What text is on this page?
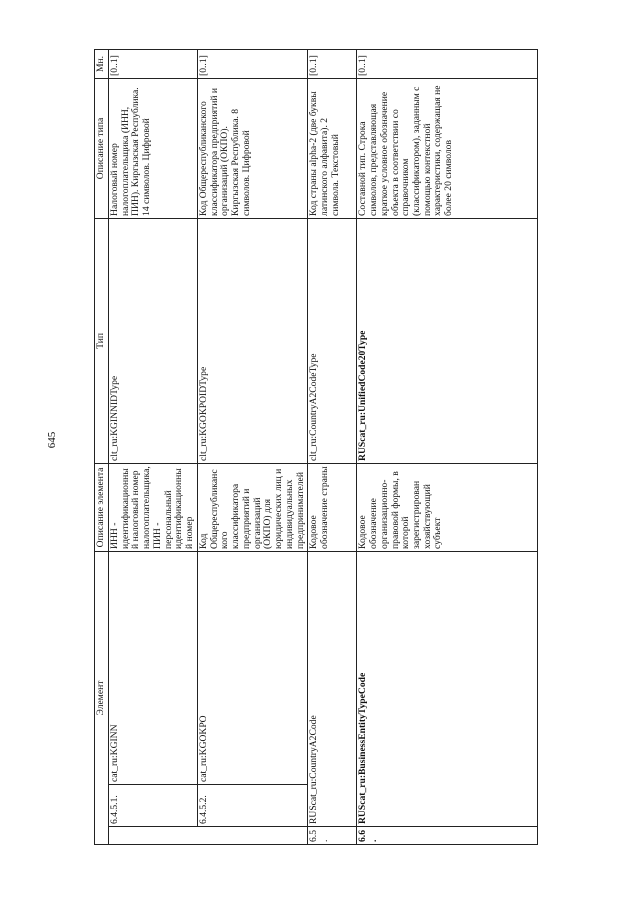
645
Элемент			Описание элемента	Тип	Описание типа	Мн.
	6.4.5.1.	cat_ru:KGINN	ИНН - идентификационный налоговый номер налогоплательщика, ПИН - персональный идентификационный номер	clt_ru:KGINNIDType	Налоговый номер налогоплательщика (ИНН, ПИН). Киргызская Республика. 14 символов. Цифровой	[0..1]
	6.4.5.2.	cat_ru:KGOKPO	Код Общереспубликанского классификатора предприятий и организаций (ОКПО) для юридических лиц и индивидуальных предпринимателей	clt_ru:KGOKPOIDType	Код Общереспубликанского классификатора предприятий и организаций (ОКПО). Киргызская Республика. 8 символов. Цифровой	[0..1]
6.5.	RUScat_ru:CountryA2Code		Кодовое обозначение страны	clt_ru:CountryA2CodeType	Код страны alpha-2 (две буквы латинского алфавита). 2 символа. Текстовый	[0..1]
6.6.	RUScat_ru:BusinessEntityTypeCode		Кодовое обозначение организационно-правовой формы, в которой зарегистрирован хозяйствующий субъект	RUScat_ru:UnifiedCode20Type	Составной тип. Строка символов, представляющая краткое условное обозначение объекта в соответствии со справочником (классификатором), заданным с помощью контекстной характеристики, содержащая не более 20 символов	[0..1]
